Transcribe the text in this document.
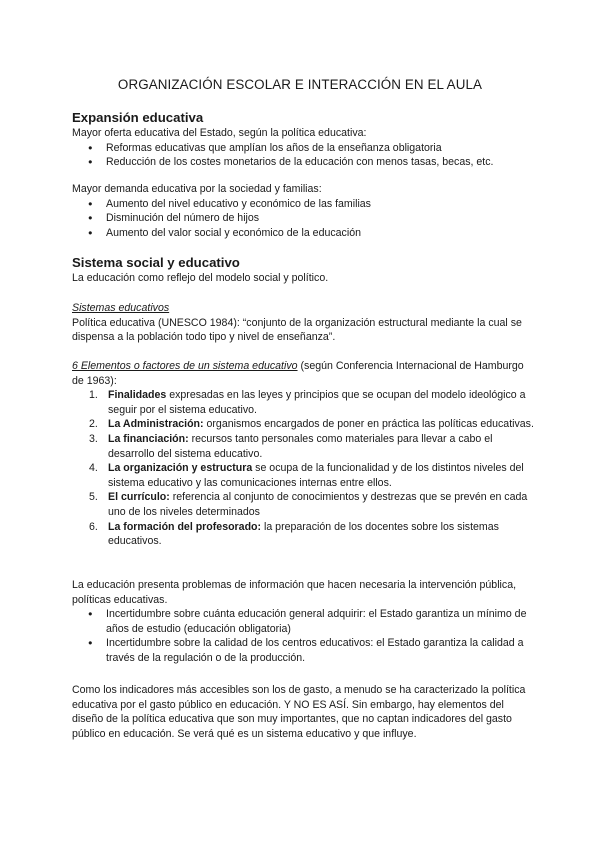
ORGANIZACIÓN ESCOLAR E INTERACCIÓN EN EL AULA
Expansión educativa

Mayor oferta educativa del Estado, según la política educativa:

● Reformas educativas que amplían los años de la enseñanza obligatoria
● Reducción de los costes monetarios de la educación con menos tasas, becas, etc.

Mayor demanda educativa por la sociedad y familias:

● Aumento del nivel educativo y económico de las familias
● Disminución del número de hijos
● Aumento del valor social y económico de la educación
Sistema social y educativo

La educación como reflejo del modelo social y político.

Sistemas educativos

Política educativa (UNESCO 1984): “conjunto de la organización estructural mediante la cual se dispensa a la población todo tipo y nivel de enseñanza”.

6 Elementos o factores de un sistema educativo (según Conferencia Internacional de Hamburgo de 1963):

1. Finalidades expresadas en las leyes y principios que se ocupan del modelo ideológico a seguir por el sistema educativo.
2. La Administración: organismos encargados de poner en práctica las políticas educativas.
3. La financiación: recursos tanto personales como materiales para llevar a cabo el desarrollo del sistema educativo.
4. La organización y estructura se ocupa de la funcionalidad y de los distintos niveles del sistema educativo y las comunicaciones internas entre ellos.
5. El currículo: referencia al conjunto de conocimientos y destrezas que se prevén en cada uno de los niveles determinados
6. La formación del profesorado: la preparación de los docentes sobre los sistemas educativos.

La educación presenta problemas de información que hacen necesaria la intervención pública, políticas educativas.

● Incertidumbre sobre cuánta educación general adquirir: el Estado garantiza un mínimo de años de estudio (educación obligatoria)
● Incertidumbre sobre la calidad de los centros educativos: el Estado garantiza la calidad a través de la regulación o de la producción.

Como los indicadores más accesibles son los de gasto, a menudo se ha caracterizado la política educativa por el gasto público en educación. Y NO ES ASÍ. Sin embargo, hay elementos del diseño de la política educativa que son muy importantes, que no captan indicadores del gasto público en educación. Se verá qué es un sistema educativo y que influye.
